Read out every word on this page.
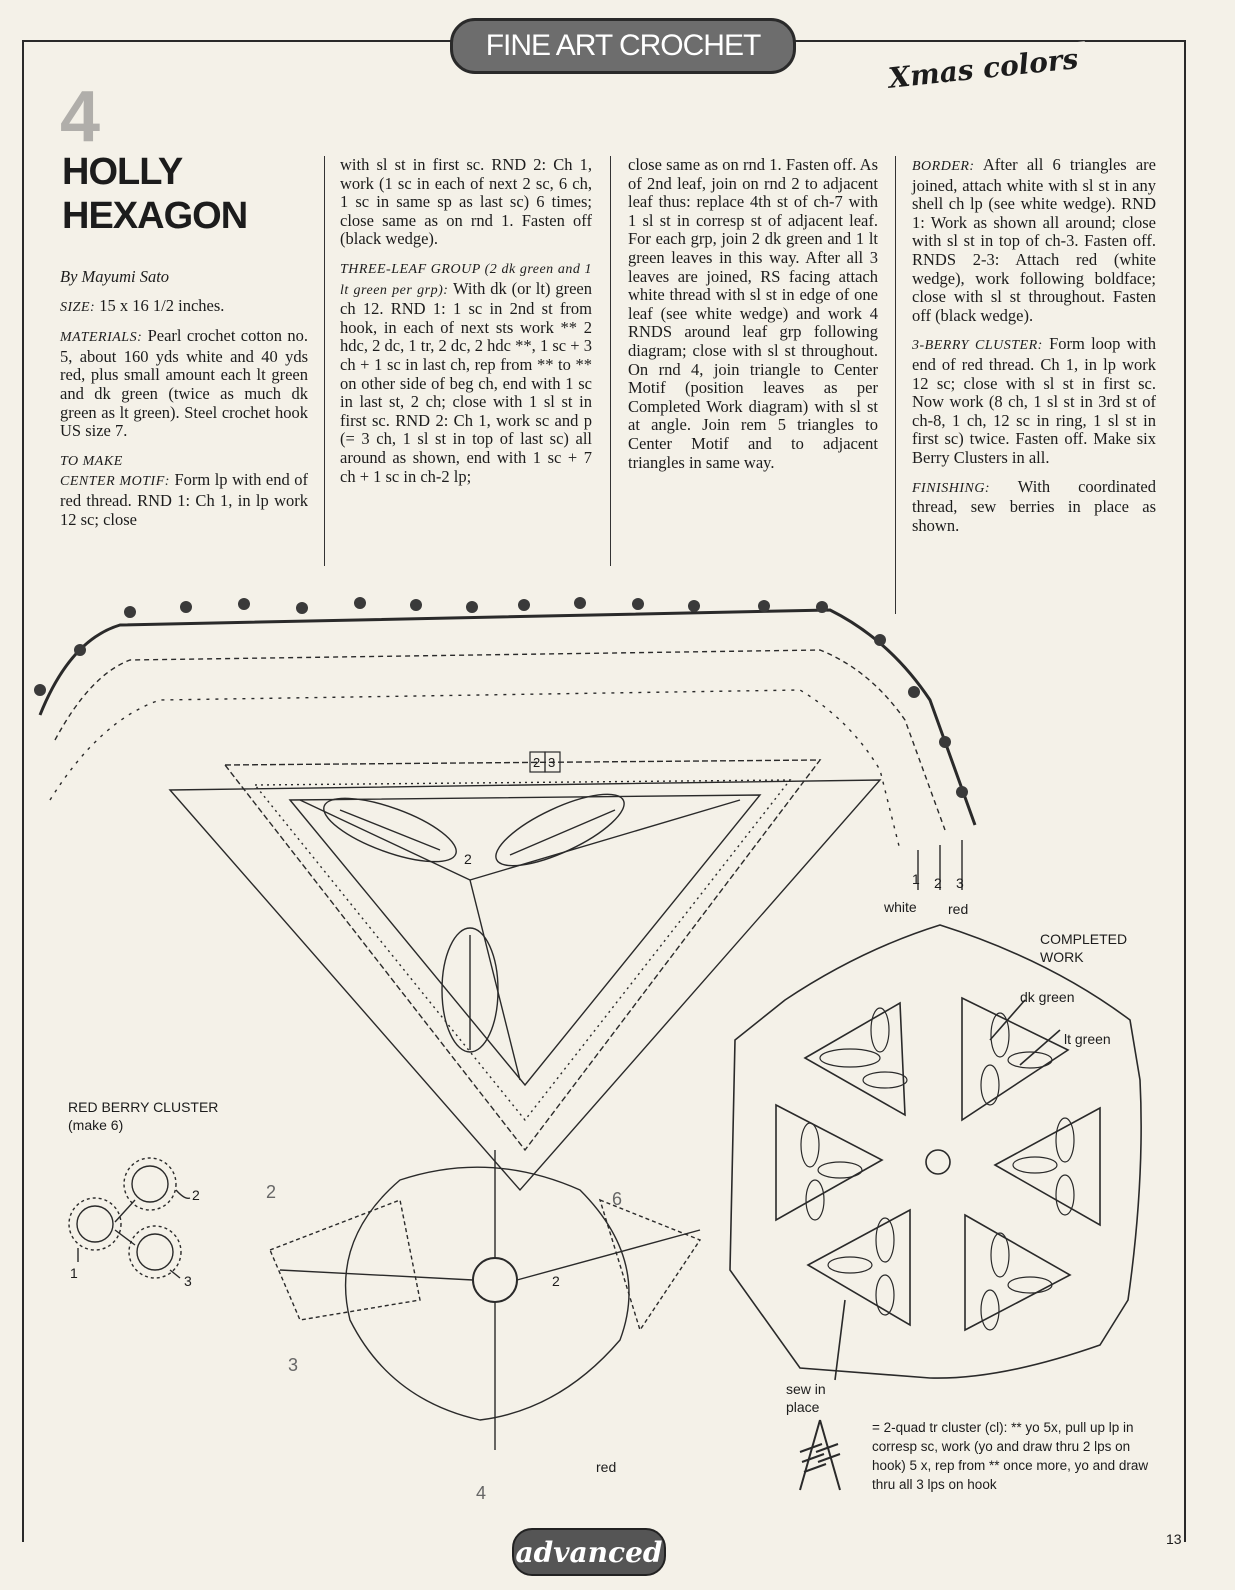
FINE ART CROCHET	Xmas colors
4
HOLLY
HEXAGON

By Mayumi Sato

SIZE: 15 x 16 1/2 inches.

MATERIALS: Pearl crochet cotton no. 5, about 160 yds white and 40 yds red, plus small amount each lt green and dk green (twice as much dk green as lt green). Steel crochet hook US size 7.

TO MAKE

CENTER MOTIF: Form lp with end of red thread. RND 1: Ch 1, in lp work 12 sc; close

with sl st in first sc. RND 2: Ch 1, work (1 sc in each of next 2 sc, 6 ch, 1 sc in same sp as last sc) 6 times; close same as on rnd 1. Fasten off (black wedge).

THREE-LEAF GROUP (2 dk green and 1 lt green per grp): With dk (or lt) green ch 12. RND 1: 1 sc in 2nd st from hook, in each of next sts work ** 2 hdc, 2 dc, 1 tr, 2 dc, 2 hdc **, 1 sc + 3 ch + 1 sc in last ch, rep from ** to ** on other side of beg ch, end with 1 sc in last st, 2 ch; close with 1 sl st in first sc. RND 2: Ch 1, work sc and p (= 3 ch, 1 sl st in top of last sc) all around as shown, end with 1 sc + 7 ch + 1 sc in ch-2 lp;

close same as on rnd 1. Fasten off. As of 2nd leaf, join on rnd 2 to adjacent leaf thus: replace 4th st of ch-7 with 1 sl st in corresp st of adjacent leaf. For each grp, join 2 dk green and 1 lt green leaves in this way. After all 3 leaves are joined, RS facing attach white thread with sl st in edge of one leaf (see white wedge) and work 4 RNDS around leaf grp following diagram; close with sl st throughout. On rnd 4, join triangle to Center Motif (position leaves as per Completed Work diagram) with sl st at angle. Join rem 5 triangles to Center Motif and to adjacent triangles in same way.

BORDER: After all 6 triangles are joined, attach white with sl st in any shell ch lp (see white wedge). RND 1: Work as shown all around; close with sl st in top of ch-3. Fasten off. RNDS 2-3: Attach red (white wedge), work following boldface; close with sl st throughout. Fasten off (black wedge).

3-BERRY CLUSTER: Form loop with end of red thread. Ch 1, in lp work 12 sc; close with sl st in first sc. Now work (8 ch, 1 sl st in 3rd st of ch-8, 1 ch, 12 sc in ring, 1 sl st in first sc) twice. Fasten off. Make six Berry Clusters in all.

FINISHING: With coordinated thread, sew berries in place as shown.

1 2 3
white red
2 3
2
2
2	6
3
4
red
COMPLETED WORK
dk green
lt green
sew in place
RED BERRY CLUSTER
(make 6)
1
2
3
= 2-quad tr cluster (cl): ** yo 5x, pull up lp in corresp sc, work (yo and draw thru 2 lps on hook) 5 x, rep from ** once more, yo and draw thru all 3 lps on hook
advanced	13
